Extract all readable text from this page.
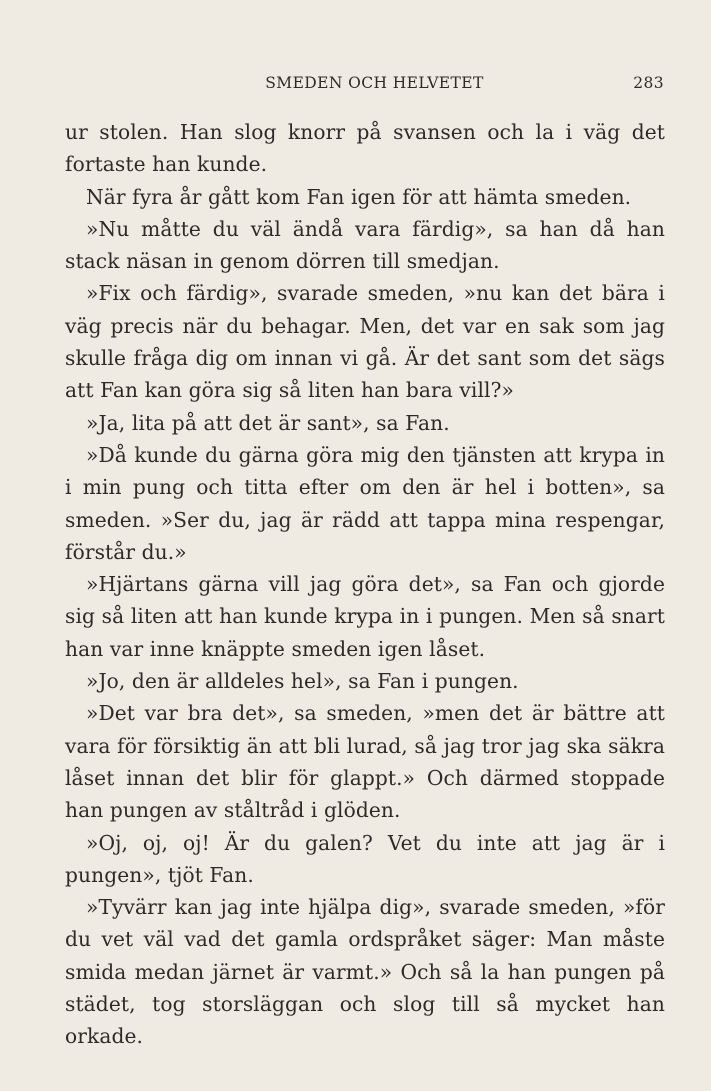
SMEDEN OCH HELVETET	283

ur stolen. Han slog knorr på svansen och la i väg det fortaste han kunde.

När fyra år gått kom Fan igen för att hämta smeden.

»Nu måtte du väl ändå vara färdig», sa han då han stack näsan in genom dörren till smedjan.

»Fix och färdig», svarade smeden, »nu kan det bära i väg precis när du behagar. Men, det var en sak som jag skulle fråga dig om innan vi gå. Är det sant som det sägs att Fan kan göra sig så liten han bara vill?»

»Ja, lita på att det är sant», sa Fan.

»Då kunde du gärna göra mig den tjänsten att krypa in i min pung och titta efter om den är hel i botten», sa smeden. »Ser du, jag är rädd att tappa mina respengar, förstår du.»

»Hjärtans gärna vill jag göra det», sa Fan och gjorde sig så liten att han kunde krypa in i pungen. Men så snart han var inne knäppte smeden igen låset.

»Jo, den är alldeles hel», sa Fan i pungen.

»Det var bra det», sa smeden, »men det är bättre att vara för försiktig än att bli lurad, så jag tror jag ska säkra låset innan det blir för glappt.» Och därmed stoppade han pungen av ståltråd i glöden.

»Oj, oj, oj! Är du galen? Vet du inte att jag är i pungen», tjöt Fan.

»Tyvärr kan jag inte hjälpa dig», svarade smeden, »för du vet väl vad det gamla ordspråket säger: Man måste smida medan järnet är varmt.» Och så la han pungen på städet, tog storsläggan och slog till så mycket han orkade.
